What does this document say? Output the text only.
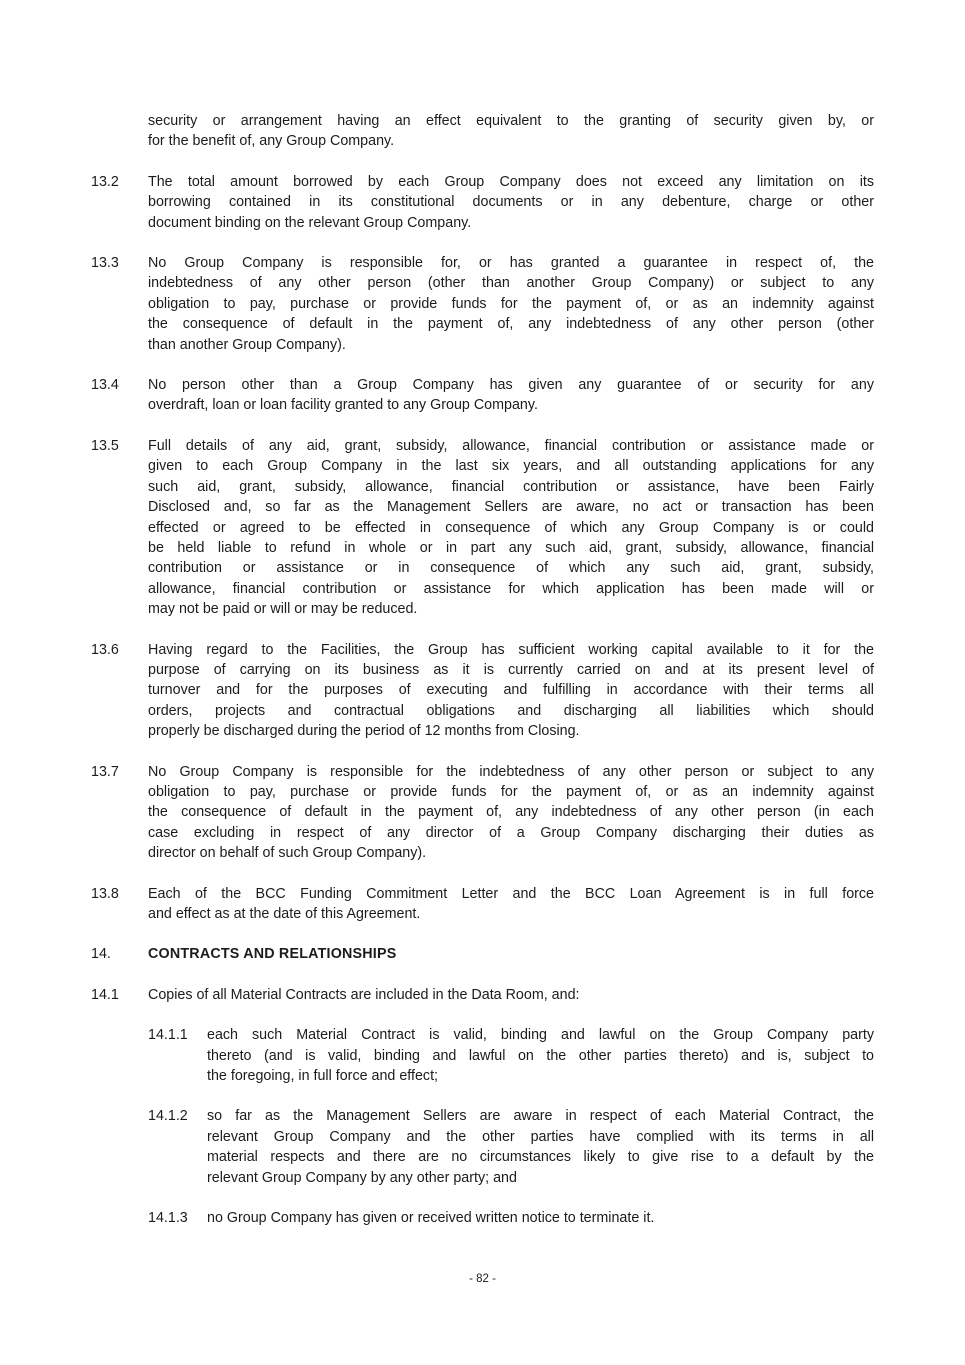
security or arrangement having an effect equivalent to the granting of security given by, or
for the benefit of, any Group Company.
13.2	The total amount borrowed by each Group Company does not exceed any limitation on its
borrowing contained in its constitutional documents or in any debenture, charge or other
document binding on the relevant Group Company.
13.3	No Group Company is responsible for, or has granted a guarantee in respect of, the
indebtedness of any other person (other than another Group Company) or subject to any
obligation to pay, purchase or provide funds for the payment of, or as an indemnity against
the consequence of default in the payment of, any indebtedness of any other person (other
than another Group Company).
13.4	No person other than a Group Company has given any guarantee of or security for any
overdraft, loan or loan facility granted to any Group Company.
13.5	Full details of any aid, grant, subsidy, allowance, financial contribution or assistance made or
given to each Group Company in the last six years, and all outstanding applications for any
such aid, grant, subsidy, allowance, financial contribution or assistance, have been Fairly
Disclosed and, so far as the Management Sellers are aware, no act or transaction has been
effected or agreed to be effected in consequence of which any Group Company is or could
be held liable to refund in whole or in part any such aid, grant, subsidy, allowance, financial
contribution or assistance or in consequence of which any such aid, grant, subsidy,
allowance, financial contribution or assistance for which application has been made will or
may not be paid or will or may be reduced.
13.6	Having regard to the Facilities, the Group has sufficient working capital available to it for the
purpose of carrying on its business as it is currently carried on and at its present level of
turnover and for the purposes of executing and fulfilling in accordance with their terms all
orders, projects and contractual obligations and discharging all liabilities which should
properly be discharged during the period of 12 months from Closing.
13.7	No Group Company is responsible for the indebtedness of any other person or subject to any
obligation to pay, purchase or provide funds for the payment of, or as an indemnity against
the consequence of default in the payment of, any indebtedness of any other person (in each
case excluding in respect of any director of a Group Company discharging their duties as
director on behalf of such Group Company).
13.8	Each of the BCC Funding Commitment Letter and the BCC Loan Agreement is in full force
and effect as at the date of this Agreement.
14.	CONTRACTS AND RELATIONSHIPS
14.1	Copies of all Material Contracts are included in the Data Room, and:
14.1.1	each such Material Contract is valid, binding and lawful on the Group Company party
thereto (and is valid, binding and lawful on the other parties thereto) and is, subject to
the foregoing, in full force and effect;
14.1.2	so far as the Management Sellers are aware in respect of each Material Contract, the
relevant Group Company and the other parties have complied with its terms in all
material respects and there are no circumstances likely to give rise to a default by the
relevant Group Company by any other party; and
14.1.3	no Group Company has given or received written notice to terminate it.
- 82 -
